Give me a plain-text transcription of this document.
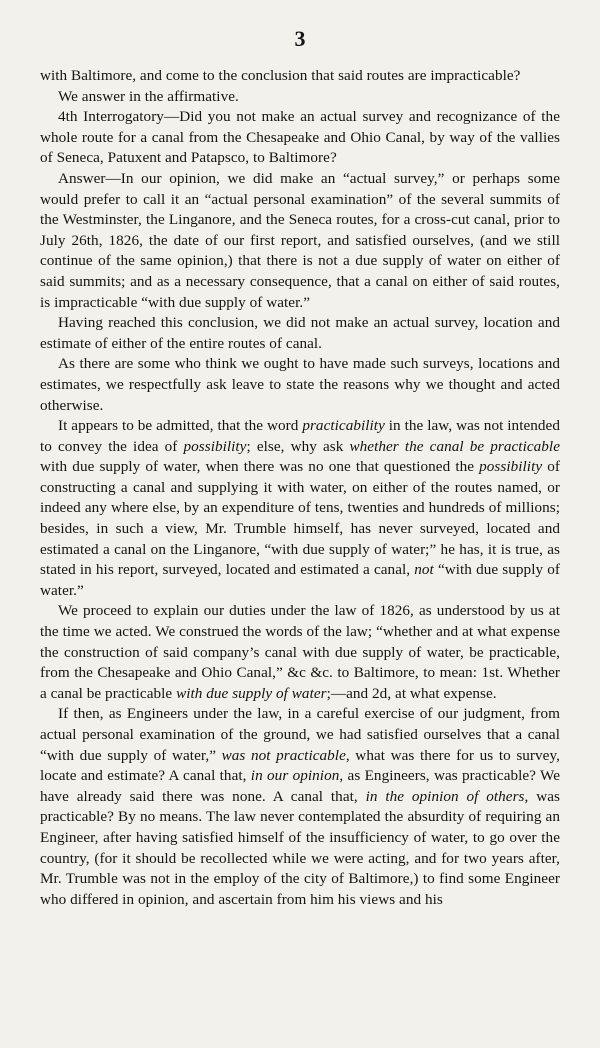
3

with Baltimore, and come to the conclusion that said routes are impracticable?

We answer in the affirmative.

4th Interrogatory—Did you not make an actual survey and recognizance of the whole route for a canal from the Chesapeake and Ohio Canal, by way of the vallies of Seneca, Patuxent and Patapsco, to Baltimore?

Answer—In our opinion, we did make an “actual survey,” or perhaps some would prefer to call it an “actual personal examination” of the several summits of the Westminster, the Linganore, and the Seneca routes, for a cross-cut canal, prior to July 26th, 1826, the date of our first report, and satisfied ourselves, (and we still continue of the same opinion,) that there is not a due supply of water on either of said summits; and as a necessary consequence, that a canal on either of said routes, is impracticable “with due supply of water.”

Having reached this conclusion, we did not make an actual survey, location and estimate of either of the entire routes of canal.

As there are some who think we ought to have made such surveys, locations and estimates, we respectfully ask leave to state the reasons why we thought and acted otherwise.

It appears to be admitted, that the word practicability in the law, was not intended to convey the idea of possibility; else, why ask whether the canal be practicable with due supply of water, when there was no one that questioned the possibility of constructing a canal and supplying it with water, on either of the routes named, or indeed any where else, by an expenditure of tens, twenties and hundreds of millions; besides, in such a view, Mr. Trumble himself, has never surveyed, located and estimated a canal on the Linganore, “with due supply of water;” he has, it is true, as stated in his report, surveyed, located and estimated a canal, not “with due supply of water.”

We proceed to explain our duties under the law of 1826, as understood by us at the time we acted. We construed the words of the law; “whether and at what expense the construction of said company’s canal with due supply of water, be practicable, from the Chesapeake and Ohio Canal,” &c &c. to Baltimore, to mean: 1st. Whether a canal be practicable with due supply of water;—and 2d, at what expense.

If then, as Engineers under the law, in a careful exercise of our judgment, from actual personal examination of the ground, we had satisfied ourselves that a canal “with due supply of water,” was not practicable, what was there for us to survey, locate and estimate? A canal that, in our opinion, as Engineers, was practicable? We have already said there was none. A canal that, in the opinion of others, was practicable? By no means. The law never contemplated the absurdity of requiring an Engineer, after having satisfied himself of the insufficiency of water, to go over the country, (for it should be recollected while we were acting, and for two years after, Mr. Trumble was not in the employ of the city of Baltimore,) to find some Engineer who differed in opinion, and ascertain from him his views and his
